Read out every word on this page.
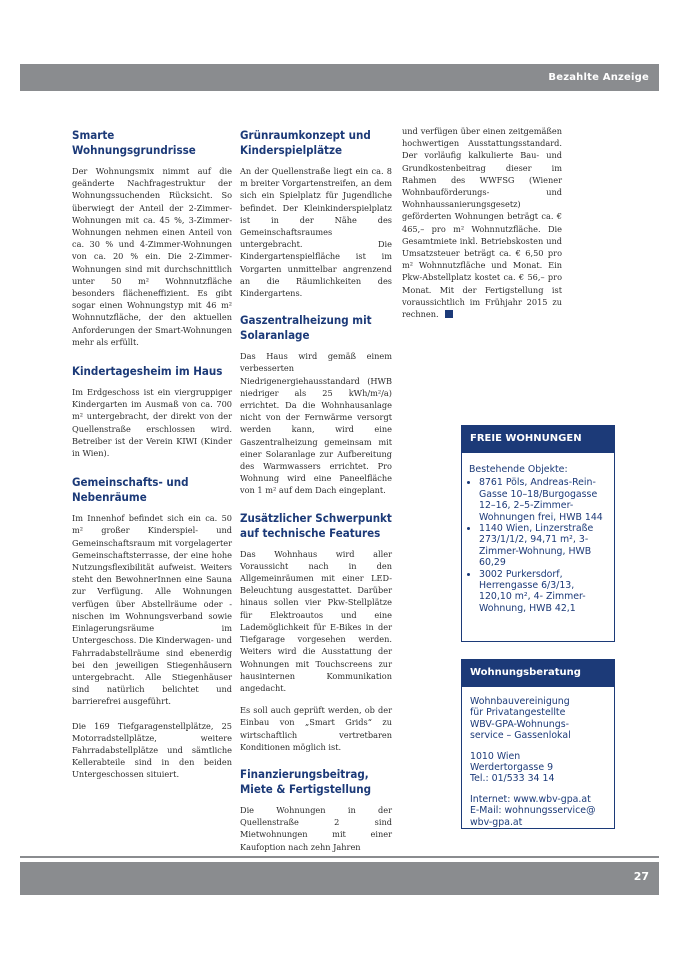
Bezahlte Anzeige
Smarte Wohnungsgrundrisse

Der Wohnungsmix nimmt auf die geänderte Nachfragestruktur der Wohnungssuchenden Rücksicht. So überwiegt der Anteil der 2-Zimmer-Wohnungen mit ca. 45 %, 3-Zimmer-Wohnungen nehmen einen Anteil von ca. 30 % und 4-Zimmer-Wohnungen von ca. 20 % ein. Die 2-Zimmer-Wohnungen sind mit durchschnittlich unter 50 m² Wohnnutzfläche besonders flächeneffizient. Es gibt sogar einen Wohnungstyp mit 46 m² Wohnnutzfläche, der den aktuellen Anforderungen der Smart-Wohnungen mehr als erfüllt.

Kindertagesheim im Haus

Im Erdgeschoss ist ein viergruppiger Kindergarten im Ausmaß von ca. 700 m² untergebracht, der direkt von der Quellenstraße erschlossen wird. Betreiber ist der Verein KIWI (Kinder in Wien).

Gemeinschafts- und Nebenräume

Im Innenhof befindet sich ein ca. 50 m² großer Kinderspiel- und Gemeinschaftsraum mit vorgelagerter Gemeinschaftsterrasse, der eine hohe Nutzungsflexibilität aufweist. Weiters steht den BewohnerInnen eine Sauna zur Verfügung. Alle Wohnungen verfügen über Abstellräume oder -nischen im Wohnungsverband sowie Einlagerungsräume im Untergeschoss. Die Kinderwagen- und Fahrradabstellräume sind ebenerdig bei den jeweiligen Stiegenhäusern untergebracht. Alle Stiegenhäuser sind natürlich belichtet und barrierefrei ausgeführt.

Die 169 Tiefgaragenstellplätze, 25 Motorradstellplätze, weitere Fahrradabstellplätze und sämtliche Kellerabteile sind in den beiden Untergeschossen situiert.

Grünraumkonzept und Kinderspielplätze

An der Quellenstraße liegt ein ca. 8 m breiter Vorgartenstreifen, an dem sich ein Spielplatz für Jugendliche befindet. Der Kleinkinderspielplatz ist in der Nähe des Gemeinschaftsraumes untergebracht. Die Kindergartenspielfläche ist im Vorgarten unmittelbar angrenzend an die Räumlichkeiten des Kindergartens.

Gaszentralheizung mit Solaranlage

Das Haus wird gemäß einem verbesserten Niedrigenergiehausstandard (HWB niedriger als 25 kWh/m²/a) errichtet. Da die Wohnhausanlage nicht von der Fernwärme versorgt werden kann, wird eine Gaszentralheizung gemeinsam mit einer Solaranlage zur Aufbereitung des Warmwassers errichtet. Pro Wohnung wird eine Paneelfläche von 1 m² auf dem Dach eingeplant.

Zusätzlicher Schwerpunkt auf technische Features

Das Wohnhaus wird aller Voraussicht nach in den Allgemeinräumen mit einer LED-Beleuchtung ausgestattet. Darüber hinaus sollen vier Pkw-Stellplätze für Elektroautos und eine Lademöglichkeit für E-Bikes in der Tiefgarage vorgesehen werden. Weiters wird die Ausstattung der Wohnungen mit Touchscreens zur hausinternen Kommunikation angedacht.

Es soll auch geprüft werden, ob der Einbau von „Smart Grids“ zu wirtschaftlich vertretbaren Konditionen möglich ist.

Finanzierungsbeitrag, Miete & Fertigstellung

Die Wohnungen in der Quellenstraße 2 sind Mietwohnungen mit einer Kaufoption nach zehn Jahren

und verfügen über einen zeitgemäßen hochwertigen Ausstattungsstandard. Der vorläufig kalkulierte Bau- und Grundkostenbeitrag dieser im Rahmen des WWFSG (Wiener Wohnbauförderungs- und Wohnhaussanierungsgesetz) geförderten Wohnungen beträgt ca. € 465,– pro m² Wohnnutzfläche. Die Gesamtmiete inkl. Betriebskosten und Umsatzsteuer beträgt ca. € 6,50 pro m² Wohnnutzfläche und Monat. Ein Pkw-Abstellplatz kostet ca. € 56,– pro Monat. Mit der Fertigstellung ist voraussichtlich im Frühjahr 2015 zu rechnen.

FREIE WOHNUNGEN
Bestehende Objekte:
• 8761 Pöls, Andreas-Rein-Gasse 10–18/Burgogasse 12–16, 2–5-Zimmer-Wohnungen frei, HWB 144
• 1140 Wien, Linzerstraße 273/1/1/2, 94,71 m², 3- Zimmer-Wohnung, HWB 60,29
• 3002 Purkersdorf, Herrengasse 6/3/13, 120,10 m², 4- Zimmer-Wohnung, HWB 42,1
Wohnungsberatung
Wohnbauvereinigung
für Privatangestellte
WBV-GPA-Wohnungs-
service – Gassenlokal
1010 Wien
Werdertorgasse 9
Tel.: 01/533 34 14
Internet: www.wbv-gpa.at
E-Mail: wohnungsservice@
wbv-gpa.at
27
